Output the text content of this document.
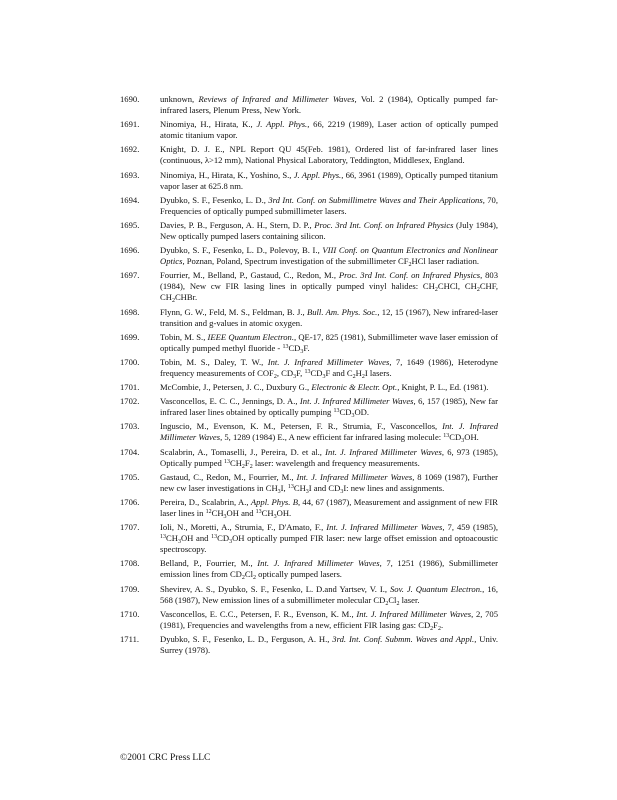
1690.	unknown, Reviews of Infrared and Millimeter Waves, Vol. 2 (1984), Optically pumped far-infrared lasers, Plenum Press, New York.
1691.	Ninomiya, H., Hirata, K., J. Appl. Phys., 66, 2219 (1989), Laser action of optically pumped atomic titanium vapor.
1692.	Knight, D. J. E., NPL Report QU 45(Feb. 1981), Ordered list of far-infrared laser lines (continuous, λ>12 mm), National Physical Laboratory, Teddington, Middlesex, England.
1693.	Ninomiya, H., Hirata, K., Yoshino, S., J. Appl. Phys., 66, 3961 (1989), Optically pumped titanium vapor laser at 625.8 nm.
1694.	Dyubko, S. F., Fesenko, L. D., 3rd Int. Conf. on Submillimetre Waves and Their Applications, 70, Frequencies of optically pumped submillimeter lasers.
1695.	Davies, P. B., Ferguson, A. H., Stern, D. P., Proc. 3rd Int. Conf. on Infrared Physics (July 1984), New optically pumped lasers containing silicon.
1696.	Dyubko, S. F., Fesenko, L. D., Polevoy, B. I., VIII Conf. on Quantum Electronics and Nonlinear Optics, Poznan, Poland, Spectrum investigation of the submillimeter $CF_2HCl$ laser radiation.
1697.	Fourrier, M., Belland, P., Gastaud, C., Redon, M., Proc. 3rd Int. Conf. on Infrared Physics, 803 (1984), New cw FIR lasing lines in optically pumped vinyl halides: $CH_2CHCl$, $CH_2CHF$, $CH_2CHBr$.
1698.	Flynn, G. W., Feld, M. S., Feldman, B. J., Bull. Am. Phys. Soc., 12, 15 (1967), New infrared-laser transition and g-values in atomic oxygen.
1699.	Tobin, M. S., IEEE Quantum Electron., QE-17, 825 (1981), Submillimeter wave laser emission of optically pumped methyl fluoride - $^{13}CD_3F$.
1700.	Tobin, M. S., Daley, T. W., Int. J. Infrared Millimeter Waves, 7, 1649 (1986), Heterodyne frequency measurements of $COF_2$, $CD_3F$, $^{13}CD_3F$ and $C_2H_2I$ lasers.
1701.	McCombie, J., Petersen, J. C., Duxbury G., Electronic & Electr. Opt., Knight, P. L., Ed. (1981).
1702.	Vasconcellos, E. C. C., Jennings, D. A., Int. J. Infrared Millimeter Waves, 6, 157 (1985), New far infrared laser lines obtained by optically pumping $^{13}CD_3OD$.
1703.	Inguscio, M., Evenson, K. M., Petersen, F. R., Strumia, F., Vasconcellos, Int. J. Infrared Millimeter Waves, 5, 1289 (1984) E., A new efficient far infrared lasing molecule: $^{13}CD_3OH$.
1704.	Scalabrin, A., Tomaselli, J., Pereira, D. et al., Int. J. Infrared Millimeter Waves, 6, 973 (1985), Optically pumped $^{13}CH_2F_2$ laser: wavelength and frequency measurements.
1705.	Gastaud, C., Redon, M., Fourrier, M., Int. J. Infrared Millimeter Waves, 8 1069 (1987), Further new cw laser investigations in $CH_3I$, $^{13}CH_3I$ and $CD_3I$: new lines and assignments.
1706.	Pereira, D., Scalabrin, A., Appl. Phys. B, 44, 67 (1987), Measurement and assignment of new FIR laser lines in $^{12}CH_3OH$ and $^{13}CH_3OH$.
1707.	Ioli, N., Moretti, A., Strumia, F., D'Amato, F., Int. J. Infrared Millimeter Waves, 7, 459 (1985), $^{13}CH_3OH$ and $^{13}CD_3OH$ optically pumped FIR laser: new large offset emission and optoacoustic spectroscopy.
1708.	Belland, P., Fourrier, M., Int. J. Infrared Millimeter Waves, 7, 1251 (1986), Submillimeter emission lines from $CD_2Cl_2$ optically pumped lasers.
1709.	Shevirev, A. S., Dyubko, S. F., Fesenko, L. D.and Yartsev, V. I., Sov. J. Quantum Electron., 16, 568 (1987), New emission lines of a submillimeter molecular $CD_2Cl_2$ laser.
1710.	Vasconcellos, E. C.C., Petersen, F. R., Evenson, K. M., Int. J. Infrared Millimeter Waves, 2, 705 (1981), Frequencies and wavelengths from a new, efficient FIR lasing gas: $CD_2F_2$.
1711.	Dyubko, S. F., Fesenko, L. D., Ferguson, A. H., 3rd. Int. Conf. Submm. Waves and Appl., Univ. Surrey (1978).
©2001 CRC Press LLC
